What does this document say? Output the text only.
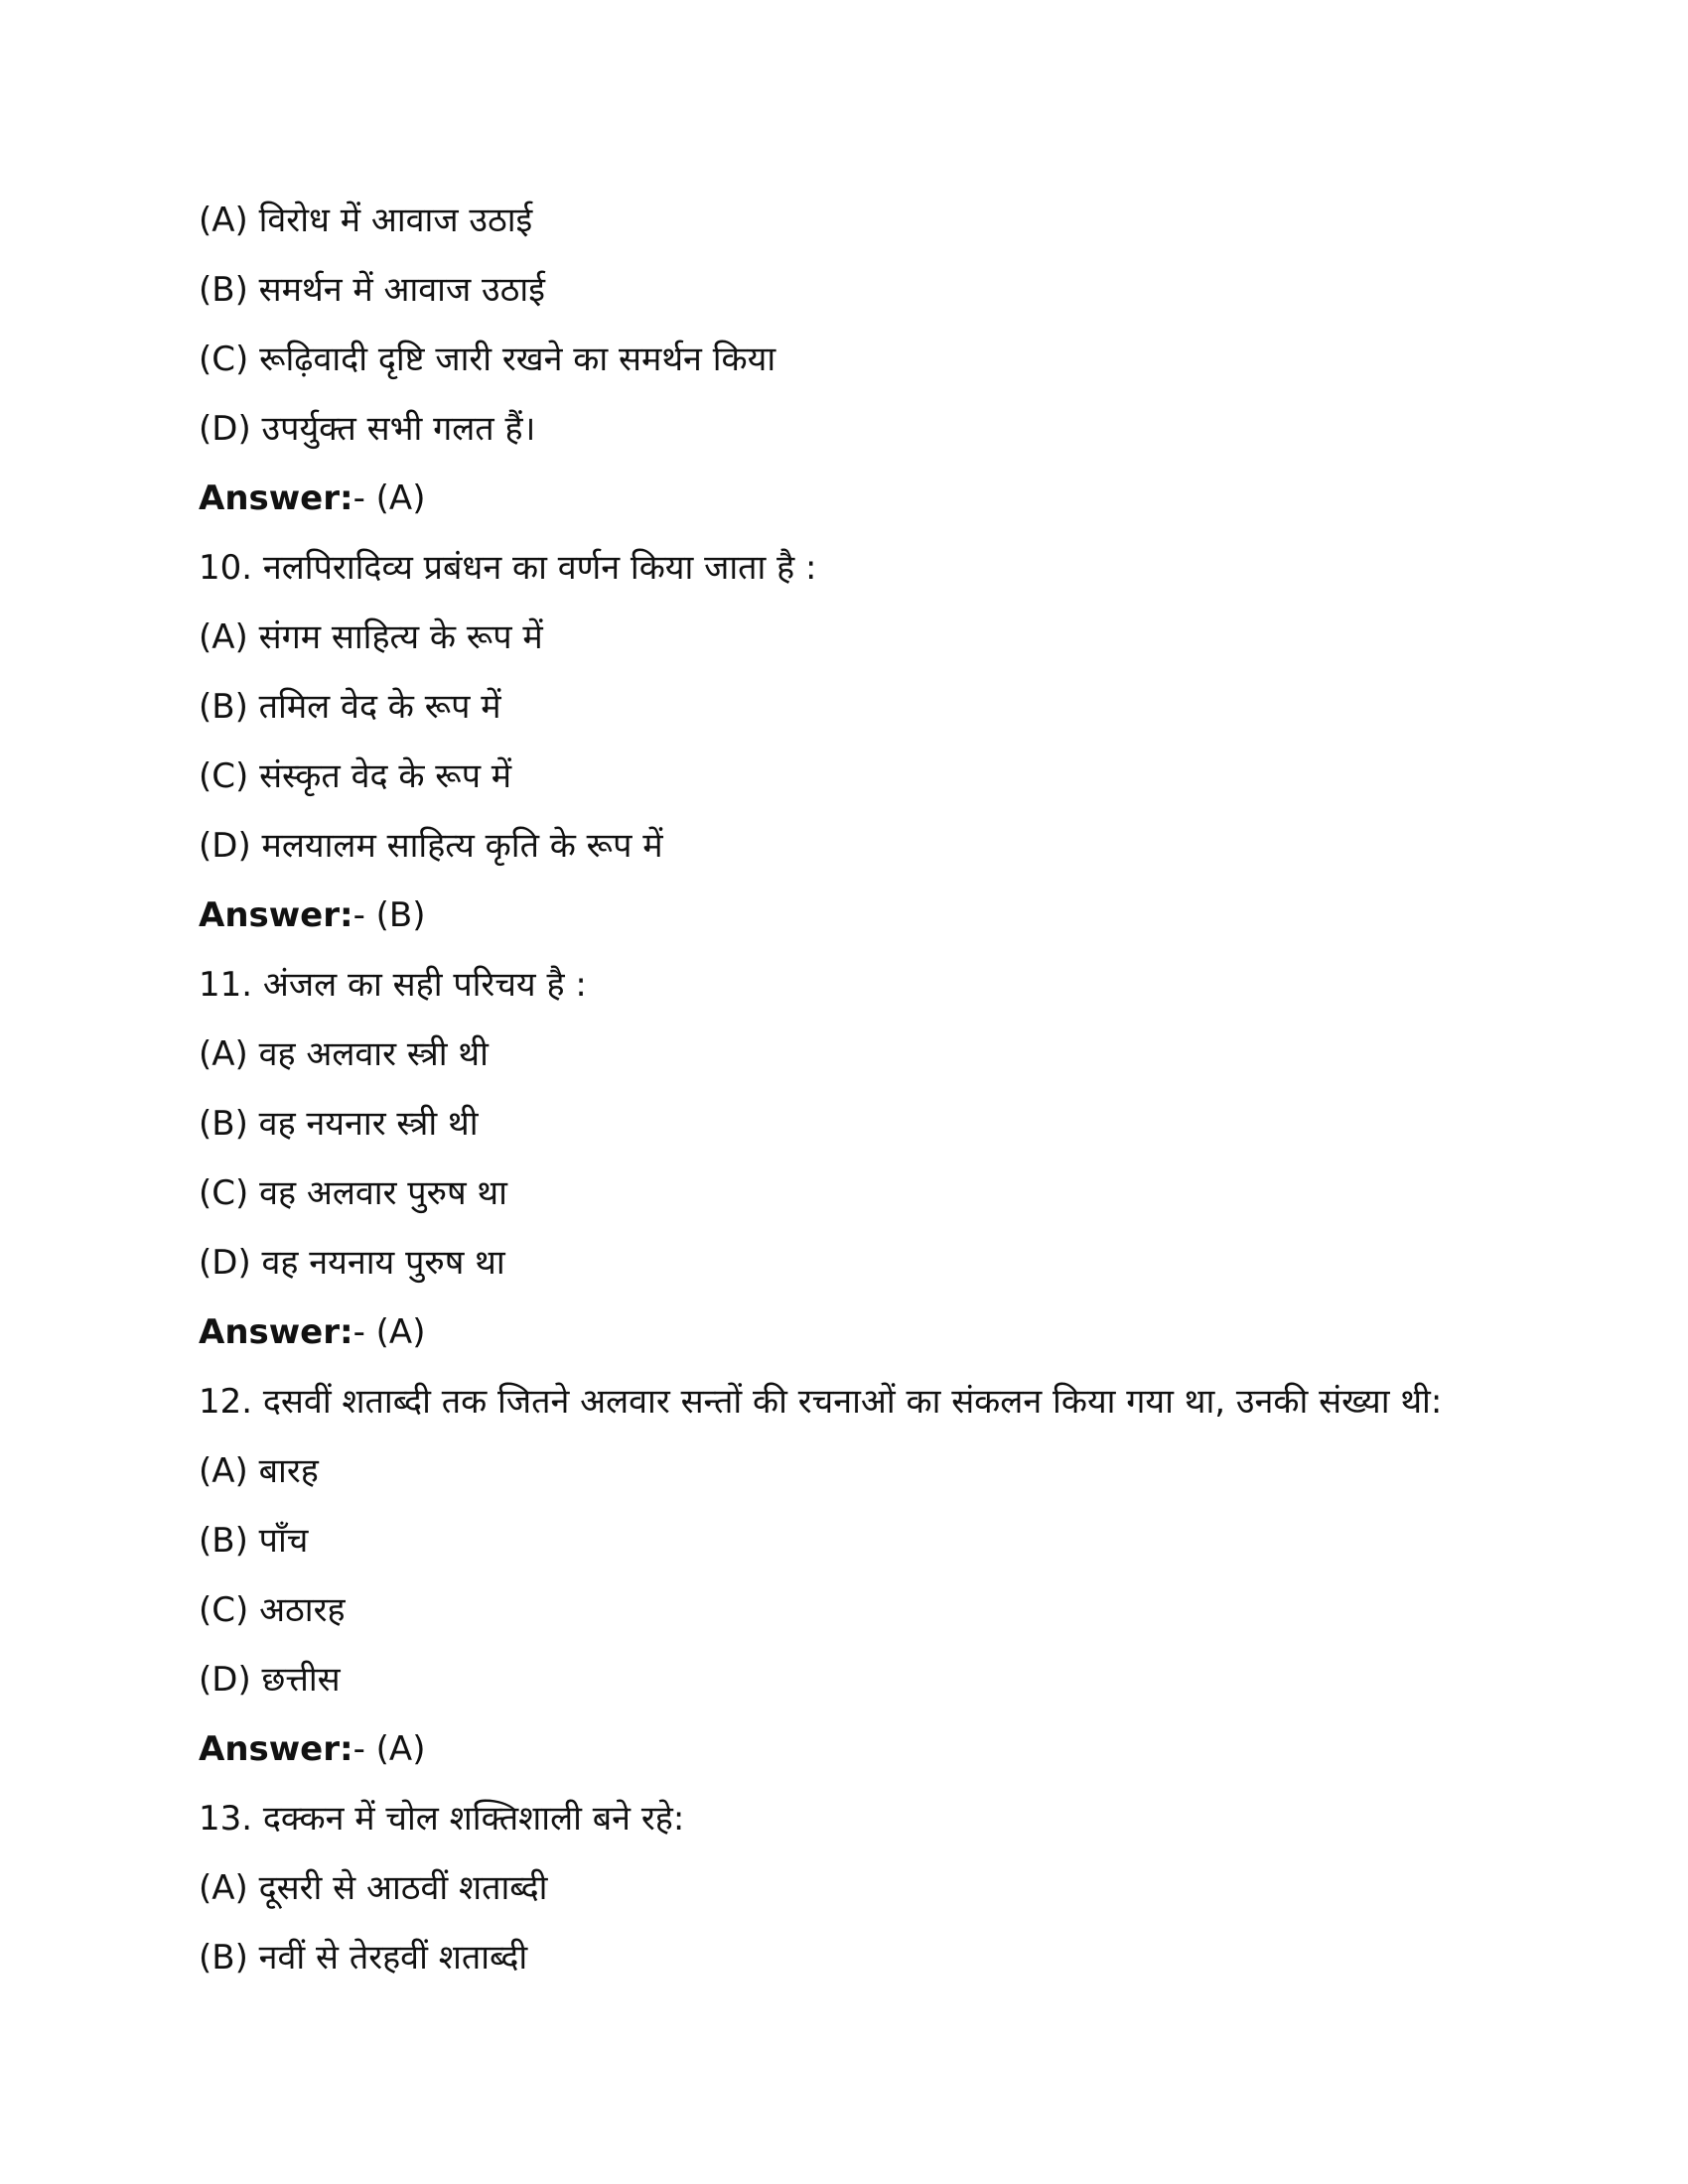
(A) विरोध में आवाज उठाई
(B) समर्थन में आवाज उठाई
(C) रूढ़िवादी दृष्टि जारी रखने का समर्थन किया
(D) उपर्युक्त सभी गलत हैं।
Answer:- (A)
10. नलपिरादिव्य प्रबंधन का वर्णन किया जाता है :
(A) संगम साहित्य के रूप में
(B) तमिल वेद के रूप में
(C) संस्कृत वेद के रूप में
(D) मलयालम साहित्य कृति के रूप में
Answer:- (B)
11. अंजल का सही परिचय है :
(A) वह अलवार स्त्री थी
(B) वह नयनार स्त्री थी
(C) वह अलवार पुरुष था
(D) वह नयनाय पुरुष था
Answer:- (A)
12. दसवीं शताब्दी तक जितने अलवार सन्तों की रचनाओं का संकलन किया गया था, उनकी संख्या थी:
(A) बारह
(B) पाँच
(C) अठारह
(D) छत्तीस
Answer:- (A)
13. दक्कन में चोल शक्तिशाली बने रहे:
(A) दूसरी से आठवीं शताब्दी
(B) नवीं से तेरहवीं शताब्दी
